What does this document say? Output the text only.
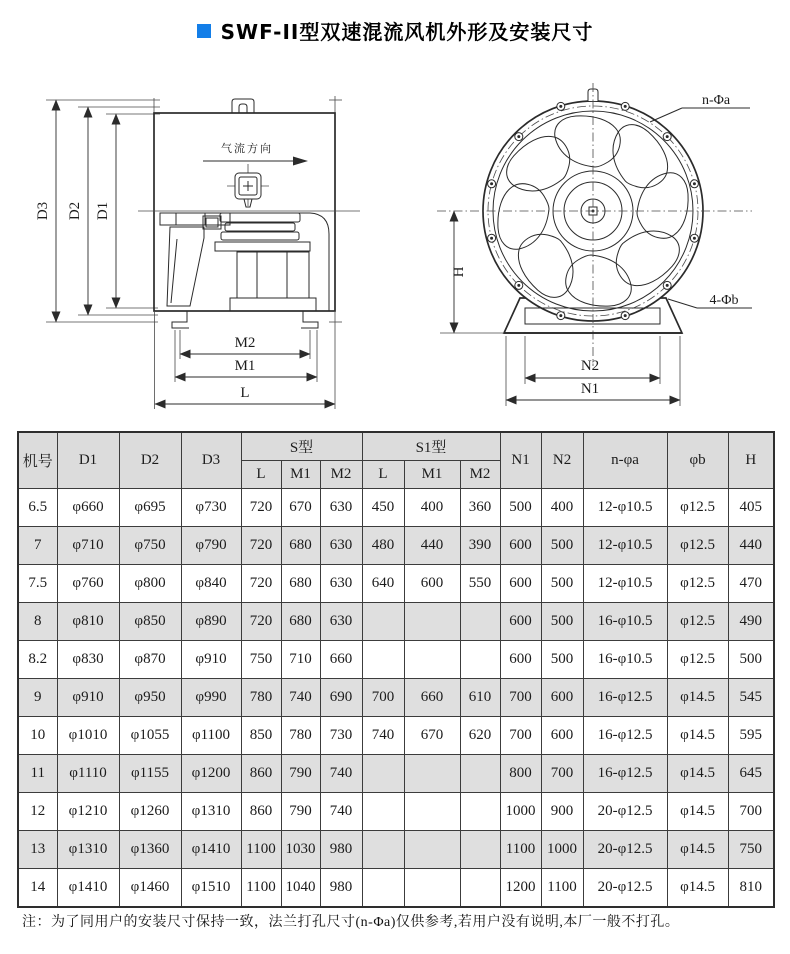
SWF-II型双速混流风机外形及安装尺寸
D3 D2 D1
气流方向
M2
M1
L
H
n-Φa
4-Φb
N2
N1
机号	D1	D2	D3	S型			S1型			N1	N2	n-φa	φb	H
				L	M1	M2	L	M1	M2					
6.5	φ660	φ695	φ730	720	670	630	450	400	360	500	400	12-φ10.5	φ12.5	405
7	φ710	φ750	φ790	720	680	630	480	440	390	600	500	12-φ10.5	φ12.5	440
7.5	φ760	φ800	φ840	720	680	630	640	600	550	600	500	12-φ10.5	φ12.5	470
8	φ810	φ850	φ890	720	680	630				600	500	16-φ10.5	φ12.5	490
8.2	φ830	φ870	φ910	750	710	660				600	500	16-φ10.5	φ12.5	500
9	φ910	φ950	φ990	780	740	690	700	660	610	700	600	16-φ12.5	φ14.5	545
10	φ1010	φ1055	φ1100	850	780	730	740	670	620	700	600	16-φ12.5	φ14.5	595
11	φ1110	φ1155	φ1200	860	790	740				800	700	16-φ12.5	φ14.5	645
12	φ1210	φ1260	φ1310	860	790	740				1000	900	20-φ12.5	φ14.5	700
13	φ1310	φ1360	φ1410	1100	1030	980				1100	1000	20-φ12.5	φ14.5	750
14	φ1410	φ1460	φ1510	1100	1040	980				1200	1100	20-φ12.5	φ14.5	810
注：为了同用户的安装尺寸保持一致，法兰打孔尺寸(n-Φa)仅供参考,若用户没有说明,本厂一般不打孔。
